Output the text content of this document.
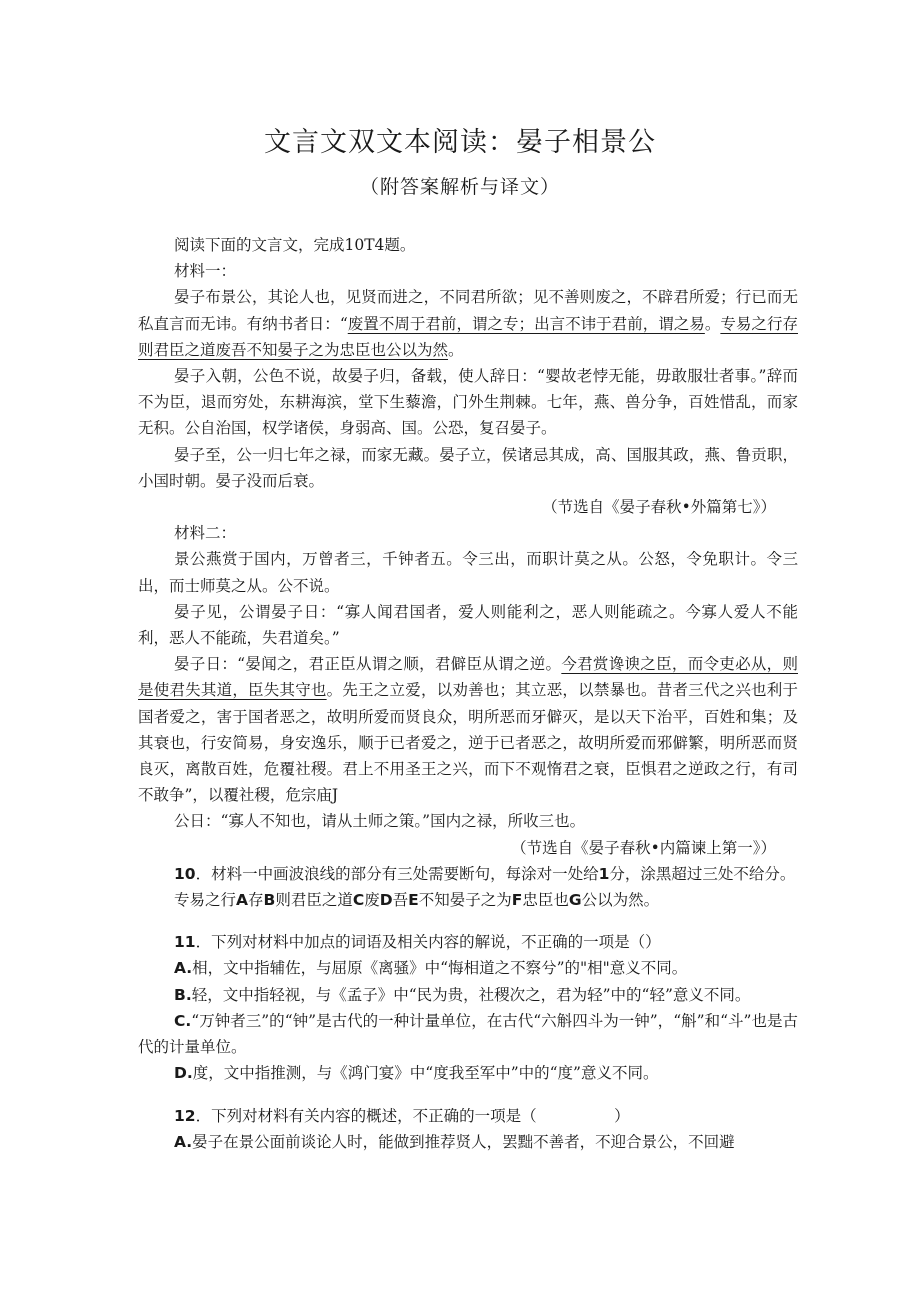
文言文双文本阅读：晏子相景公
（附答案解析与译文）

阅读下面的文言文，完成10T4题。

材料一：

晏子布景公，其论人也，见贤而进之，不同君所欲；见不善则废之，不辟君所爱；行已而无私直言而无讳。有纳书者日：“废置不周于君前，谓之专；出言不讳于君前，谓之易。专易之行存则君臣之道废吾不知晏子之为忠臣也公以为然。

晏子入朝，公色不说，故晏子归，备载，使人辞日：“婴故老悖无能，毋敢服壮者事。”辞而不为臣，退而穷处，东耕海滨，堂下生藜澹，门外生荆棘。七年，燕、兽分争，百姓惜乱，而家无积。公自治国，权学诸侯，身弱高、国。公恐，复召晏子。

晏子至，公一归七年之禄，而家无藏。晏子立，侯诸忌其成，高、国服其政，燕、鲁贡职，小国时朝。晏子没而后衰。

（节选自《晏子春秋•外篇第七》）

材料二：

景公燕赏于国内，万曾者三，千钟者五。令三出，而职计莫之从。公怒，令免职计。令三出，而士师莫之从。公不说。

晏子见，公谓晏子日：“寡人闻君国者，爱人则能利之，恶人则能疏之。今寡人爱人不能利，恶人不能疏，失君道矣。”

晏子日：“晏闻之，君正臣从谓之顺，君僻臣从谓之逆。今君赏谗谀之臣，而令吏必从，则是使君失其道，臣失其守也。先王之立爱，以劝善也；其立恶，以禁暴也。昔者三代之兴也利于国者爱之，害于国者恶之，故明所爱而贤良众，明所恶而牙僻灭，是以天下治平，百姓和集；及其衰也，行安简易，身安逸乐，顺于已者爱之，逆于已者恶之，故明所爱而邪僻繁，明所恶而贤良灭，离散百姓，危覆社稷。君上不用圣王之兴，而下不观惰君之衰，臣惧君之逆政之行，有司不敢争”，以覆社稷，危宗庙J

公日：“寡人不知也，请从土师之策。”国内之禄，所收三也。

（节选自《晏子春秋•内篇谏上第一》）

10．材料一中画波浪线的部分有三处需要断句，每涂对一处给1分，涂黑超过三处不给分。

专易之行A存B则君臣之道C废D吾E不知晏子之为F忠臣也G公以为然。

11．下列对材料中加点的词语及相关内容的解说，不正确的一项是（）

A.相，文中指辅佐，与屈原《离骚》中“悔相道之不察兮”的"相"意义不同。

B.轻，文中指轻视，与《孟子》中“民为贵，社稷次之，君为轻”中的“轻”意义不同。

C.“万钟者三”的“钟”是古代的一种计量单位，在古代“六斛四斗为一钟”，“斛”和“斗”也是古代的计量单位。

D.度，文中指推测，与《鸿门宴》中“度我至军中”中的“度”意义不同。

12．下列对材料有关内容的概述，不正确的一项是（　　　　　）

A.晏子在景公面前谈论人时，能做到推荐贤人，罢黜不善者，不迎合景公，不回避
